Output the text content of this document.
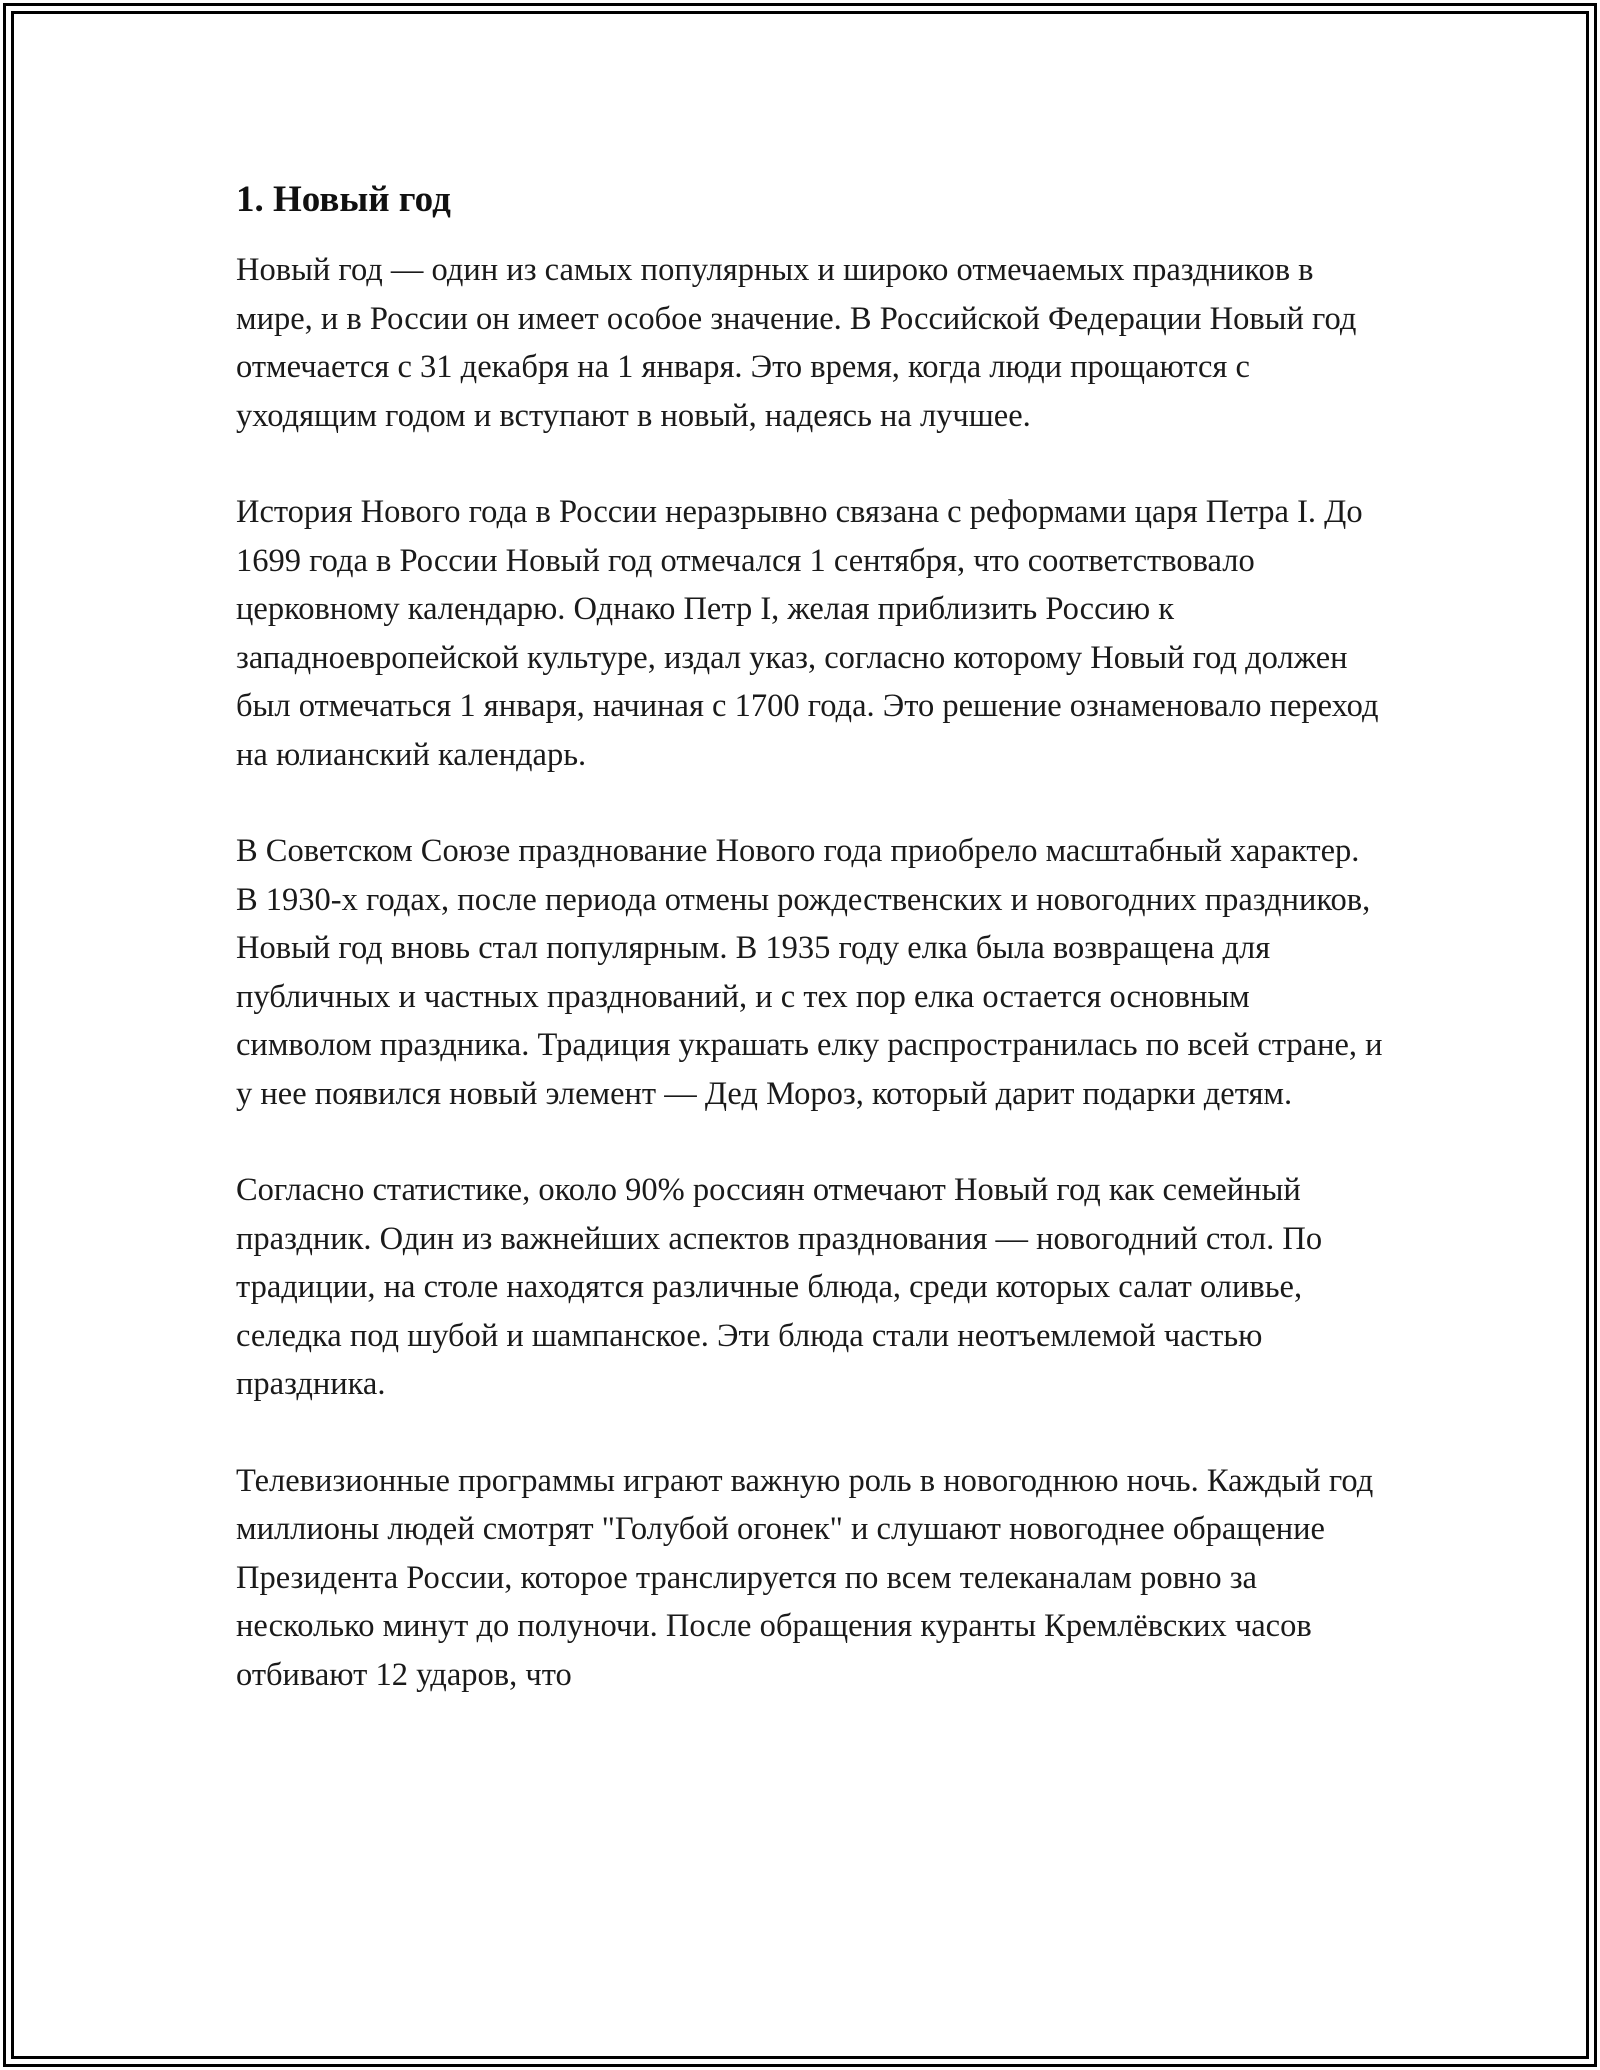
1. Новый год

Новый год — один из самых популярных и широко отмечаемых праздников в мире, и в России он имеет особое значение. В Российской Федерации Новый год отмечается с 31 декабря на 1 января. Это время, когда люди прощаются с уходящим годом и вступают в новый, надеясь на лучшее.

История Нового года в России неразрывно связана с реформами царя Петра I. До 1699 года в России Новый год отмечался 1 сентября, что соответствовало церковному календарю. Однако Петр I, желая приблизить Россию к западноевропейской культуре, издал указ, согласно которому Новый год должен был отмечаться 1 января, начиная с 1700 года. Это решение ознаменовало переход на юлианский календарь.

В Советском Союзе празднование Нового года приобрело масштабный характер. В 1930-х годах, после периода отмены рождественских и новогодних праздников, Новый год вновь стал популярным. В 1935 году елка была возвращена для публичных и частных празднований, и с тех пор елка остается основным символом праздника. Традиция украшать елку распространилась по всей стране, и у нее появился новый элемент — Дед Мороз, который дарит подарки детям.

Согласно статистике, около 90% россиян отмечают Новый год как семейный праздник. Один из важнейших аспектов празднования — новогодний стол. По традиции, на столе находятся различные блюда, среди которых салат оливье, селедка под шубой и шампанское. Эти блюда стали неотъемлемой частью праздника.

Телевизионные программы играют важную роль в новогоднюю ночь. Каждый год миллионы людей смотрят "Голубой огонек" и слушают новогоднее обращение Президента России, которое транслируется по всем телеканалам ровно за несколько минут до полуночи. После обращения куранты Кремлёвских часов отбивают 12 ударов, что
